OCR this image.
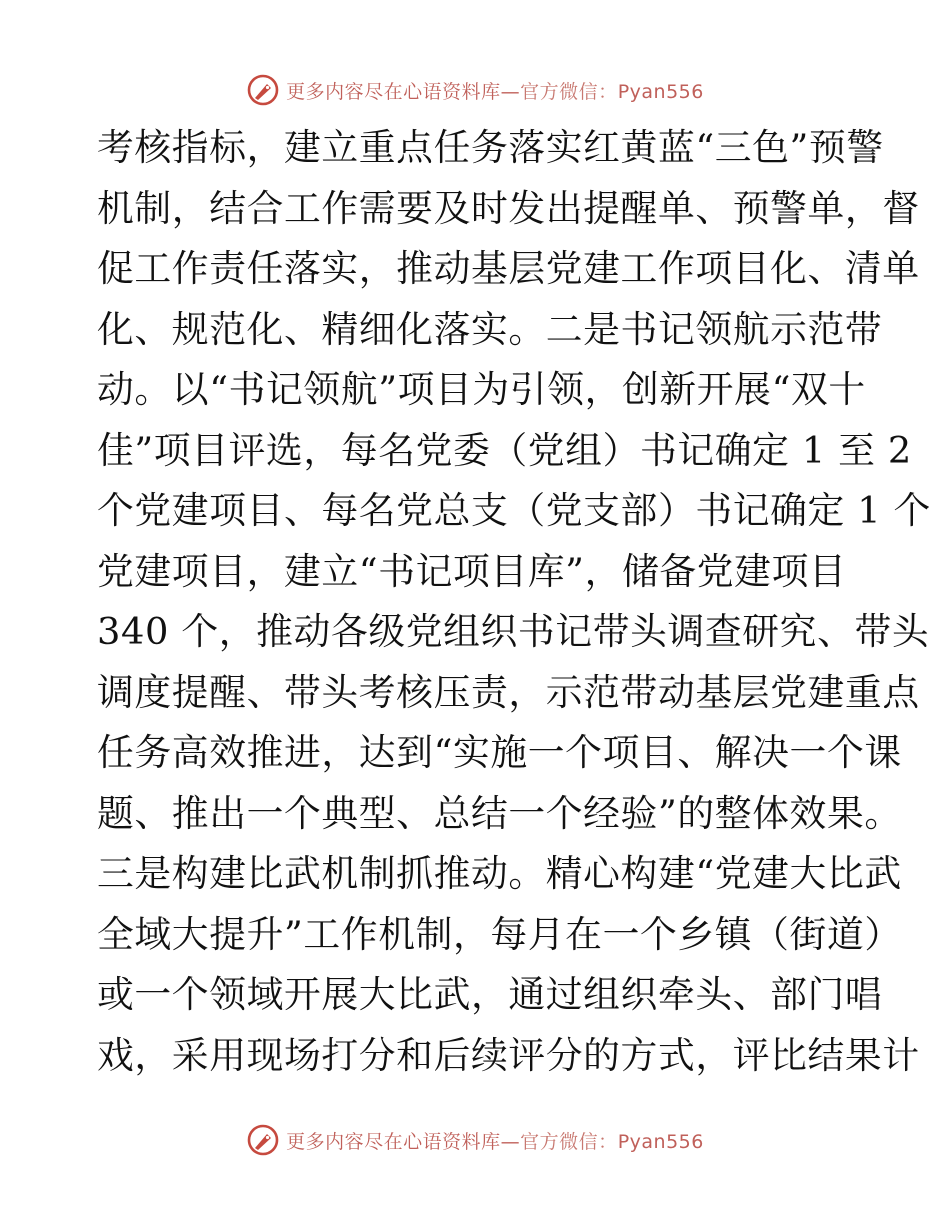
更多内容尽在心语资料库—官方微信：Pyan556
考核指标，建立重点任务落实红黄蓝“三色”预警
机制，结合工作需要及时发出提醒单、预警单，督
促工作责任落实，推动基层党建工作项目化、清单
化、规范化、精细化落实。二是书记领航示范带
动。以“书记领航”项目为引领，创新开展“双十
佳”项目评选，每名党委（党组）书记确定 1 至 2
个党建项目、每名党总支（党支部）书记确定 1 个
党建项目，建立“书记项目库”，储备党建项目
340 个，推动各级党组织书记带头调查研究、带头
调度提醒、带头考核压责，示范带动基层党建重点
任务高效推进，达到“实施一个项目、解决一个课
题、推出一个典型、总结一个经验”的整体效果。
三是构建比武机制抓推动。精心构建“党建大比武
全域大提升”工作机制，每月在一个乡镇（街道）
或一个领域开展大比武，通过组织牵头、部门唱
戏，采用现场打分和后续评分的方式，评比结果计
更多内容尽在心语资料库—官方微信：Pyan556
